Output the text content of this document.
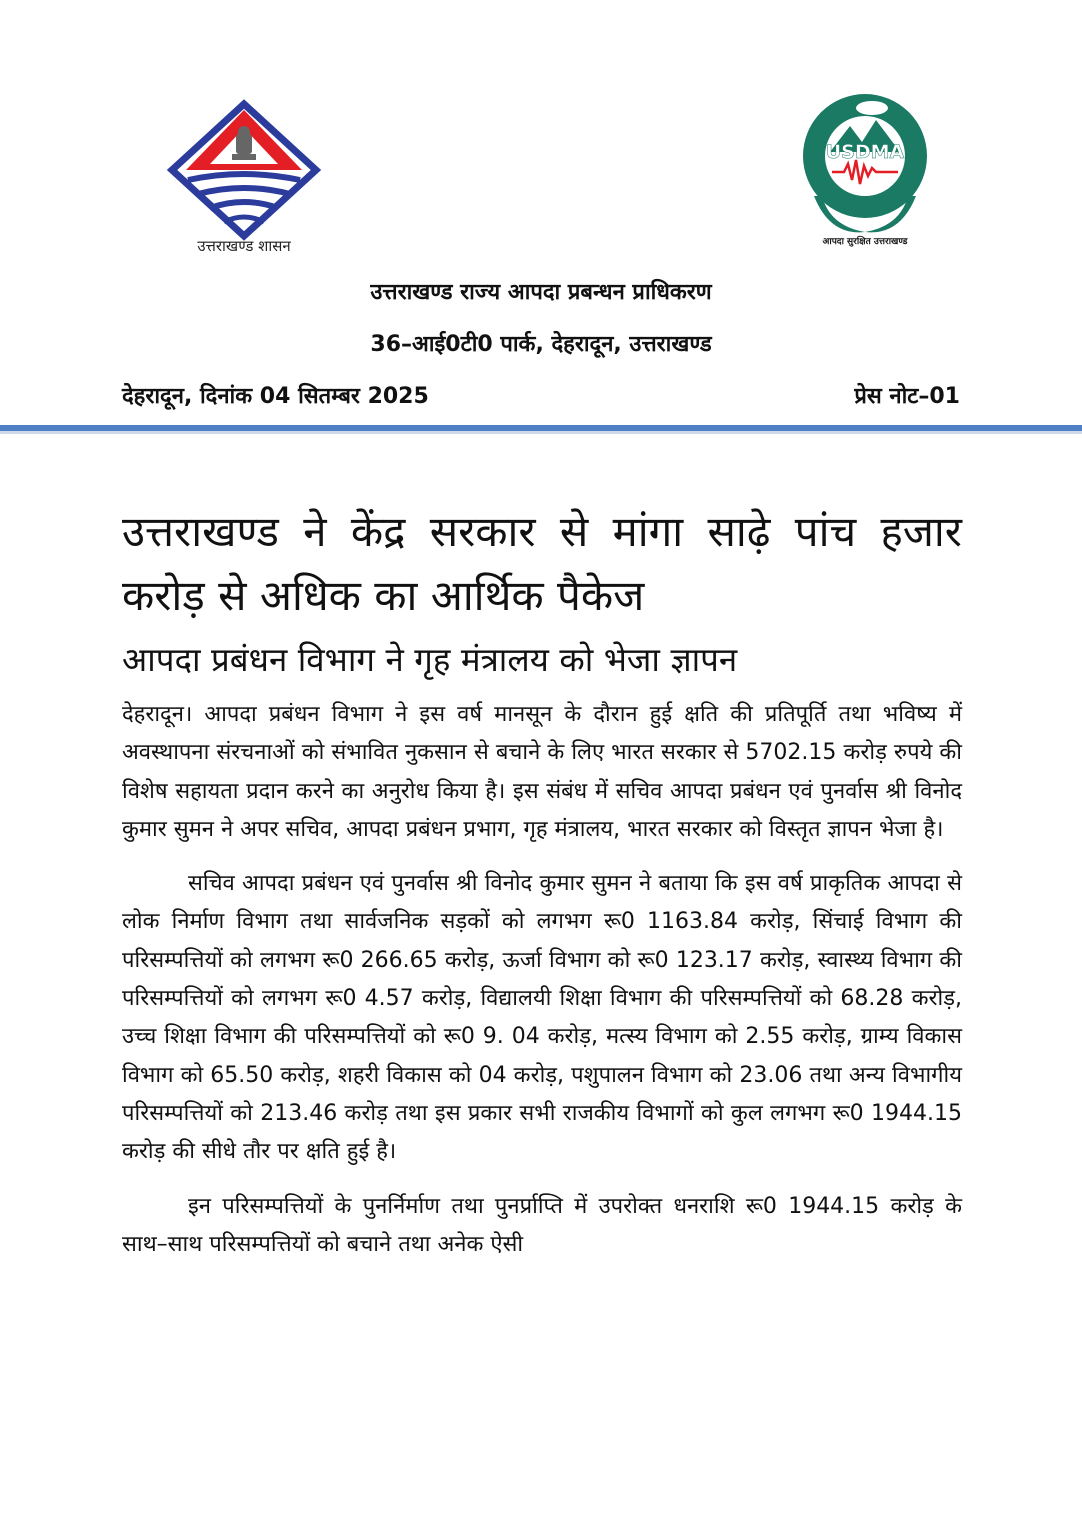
उत्तराखण्ड शासन
USDMA
आपदा सुरक्षित उत्तराखण्ड
उत्तराखण्ड राज्य आपदा प्रबन्धन प्राधिकरण
36–आई0टी0 पार्क, देहरादून, उत्तराखण्ड
देहरादून, दिनांक 04 सितम्बर 2025	प्रेस नोट–01
उत्तराखण्ड ने केंद्र सरकार से मांगा साढ़े पांच हजार करोड़ से अधिक का आर्थिक पैकेज
आपदा प्रबंधन विभाग ने गृह मंत्रालय को भेजा ज्ञापन

देहरादून। आपदा प्रबंधन विभाग ने इस वर्ष मानसून के दौरान हुई क्षति की प्रतिपूर्ति तथा भविष्य में अवस्थापना संरचनाओं को संभावित नुकसान से बचाने के लिए भारत सरकार से 5702.15 करोड़ रुपये की विशेष सहायता प्रदान करने का अनुरोध किया है। इस संबंध में सचिव आपदा प्रबंधन एवं पुनर्वास श्री विनोद कुमार सुमन ने अपर सचिव, आपदा प्रबंधन प्रभाग, गृह मंत्रालय, भारत सरकार को विस्तृत ज्ञापन भेजा है।

सचिव आपदा प्रबंधन एवं पुनर्वास श्री विनोद कुमार सुमन ने बताया कि इस वर्ष प्राकृतिक आपदा से लोक निर्माण विभाग तथा सार्वजनिक सड़कों को लगभग रू0 1163.84 करोड़, सिंचाई विभाग की परिसम्पत्तियों को लगभग रू0 266.65 करोड़, ऊर्जा विभाग को रू0 123.17 करोड़, स्वास्थ्य विभाग की परिसम्पत्तियों को लगभग रू0 4.57 करोड़, विद्यालयी शिक्षा विभाग की परिसम्पत्तियों को 68.28 करोड़, उच्च शिक्षा विभाग की परिसम्पत्तियों को रू0 9. 04 करोड़, मत्स्य विभाग को 2.55 करोड़, ग्राम्य विकास विभाग को 65.50 करोड़, शहरी विकास को 04 करोड़, पशुपालन विभाग को 23.06 तथा अन्य विभागीय परिसम्पत्तियों को 213.46 करोड़ तथा इस प्रकार सभी राजकीय विभागों को कुल लगभग रू0 1944.15 करोड़ की सीधे तौर पर क्षति हुई है।

इन परिसम्पत्तियों के पुनर्निर्माण तथा पुनर्प्राप्ति में उपरोक्त धनराशि रू0 1944.15 करोड़ के साथ–साथ परिसम्पत्तियों को बचाने तथा अनेक ऐसी
